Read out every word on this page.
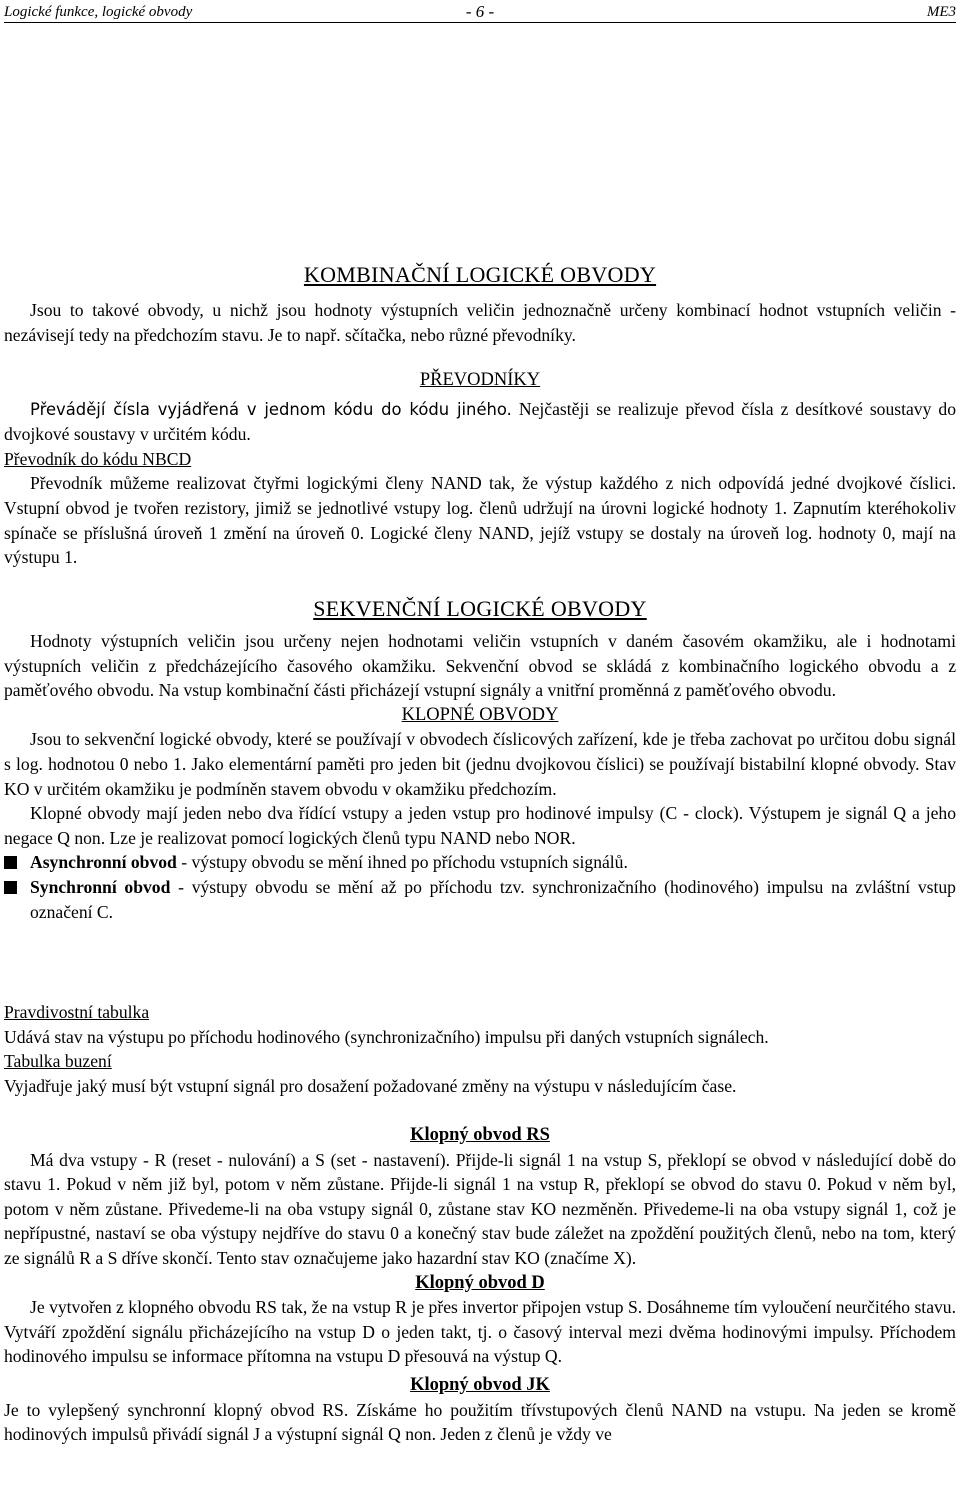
Logické funkce, logické obvody	- 6 -	ME3
KOMBINAČNÍ LOGICKÉ OBVODY

Jsou to takové obvody, u nichž jsou hodnoty výstupních veličin jednoznačně určeny kombinací hodnot vstupních veličin - nezávisejí tedy na předchozím stavu. Je to např. sčítačka, nebo různé převodníky.

PŘEVODNÍKY

Převádějí čísla vyjádřená v jednom kódu do kódu jiného. Nejčastěji se realizuje převod čísla z desítkové soustavy do dvojkové soustavy v určitém kódu.

Převodník do kódu NBCD

Převodník můžeme realizovat čtyřmi logickými členy NAND tak, že výstup každého z nich odpovídá jedné dvojkové číslici. Vstupní obvod je tvořen rezistory, jimiž se jednotlivé vstupy log. členů udržují na úrovni logické hodnoty 1. Zapnutím kteréhokoliv spínače se příslušná úroveň 1 změní na úroveň 0. Logické členy NAND, jejíž vstupy se dostaly na úroveň log. hodnoty 0, mají na výstupu 1.

SEKVENČNÍ LOGICKÉ OBVODY

Hodnoty výstupních veličin jsou určeny nejen hodnotami veličin vstupních v daném časovém okamžiku, ale i hodnotami výstupních veličin z předcházejícího časového okamžiku. Sekvenční obvod se skládá z kombinačního logického obvodu a z paměťového obvodu. Na vstup kombinační části přicházejí vstupní signály a vnitřní proměnná z paměťového obvodu.

KLOPNÉ OBVODY

Jsou to sekvenční logické obvody, které se používají v obvodech číslicových zařízení, kde je třeba zachovat po určitou dobu signál s log. hodnotou 0 nebo 1. Jako elementární paměti pro jeden bit (jednu dvojkovou číslici) se používají bistabilní klopné obvody. Stav KO v určitém okamžiku je podmíněn stavem obvodu v okamžiku předchozím.

Klopné obvody mají jeden nebo dva řídící vstupy a jeden vstup pro hodinové impulsy (C - clock). Výstupem je signál Q a jeho negace Q non. Lze je realizovat pomocí logických členů typu NAND nebo NOR.

Asynchronní obvod - výstupy obvodu se mění ihned po příchodu vstupních signálů.

Synchronní obvod - výstupy obvodu se mění až po příchodu tzv. synchronizačního (hodinového) impulsu na zvláštní vstup označení C.

Pravdivostní tabulka

Udává stav na výstupu po příchodu hodinového (synchronizačního) impulsu při daných vstupních signálech.

Tabulka buzení

Vyjadřuje jaký musí být vstupní signál pro dosažení požadované změny na výstupu v následujícím čase.

Klopný obvod RS

Má dva vstupy - R (reset - nulování) a S (set - nastavení). Přijde-li signál 1 na vstup S, překlopí se obvod v následující době do stavu 1. Pokud v něm již byl, potom v něm zůstane. Přijde-li signál 1 na vstup R, překlopí se obvod do stavu 0. Pokud v něm byl, potom v něm zůstane. Přivedeme-li na oba vstupy signál 0, zůstane stav KO nezměněn. Přivedeme-li na oba vstupy signál 1, což je nepřípustné, nastaví se oba výstupy nejdříve do stavu 0 a konečný stav bude záležet na zpoždění použitých členů, nebo na tom, který ze signálů R a S dříve skončí. Tento stav označujeme jako hazardní stav KO (značíme X).

Klopný obvod D

Je vytvořen z klopného obvodu RS tak, že na vstup R je přes invertor připojen vstup S. Dosáhneme tím vyloučení neurčitého stavu. Vytváří zpoždění signálu přicházejícího na vstup D o jeden takt, tj. o časový interval mezi dvěma hodinovými impulsy. Příchodem hodinového impulsu se informace přítomna na vstupu D přesouvá na výstup Q.

Klopný obvod JK

Je to vylepšený synchronní klopný obvod RS. Získáme ho použitím třívstupových členů NAND na vstupu. Na jeden se kromě hodinových impulsů přivádí signál J a výstupní signál Q non. Jeden z členů je vždy ve
